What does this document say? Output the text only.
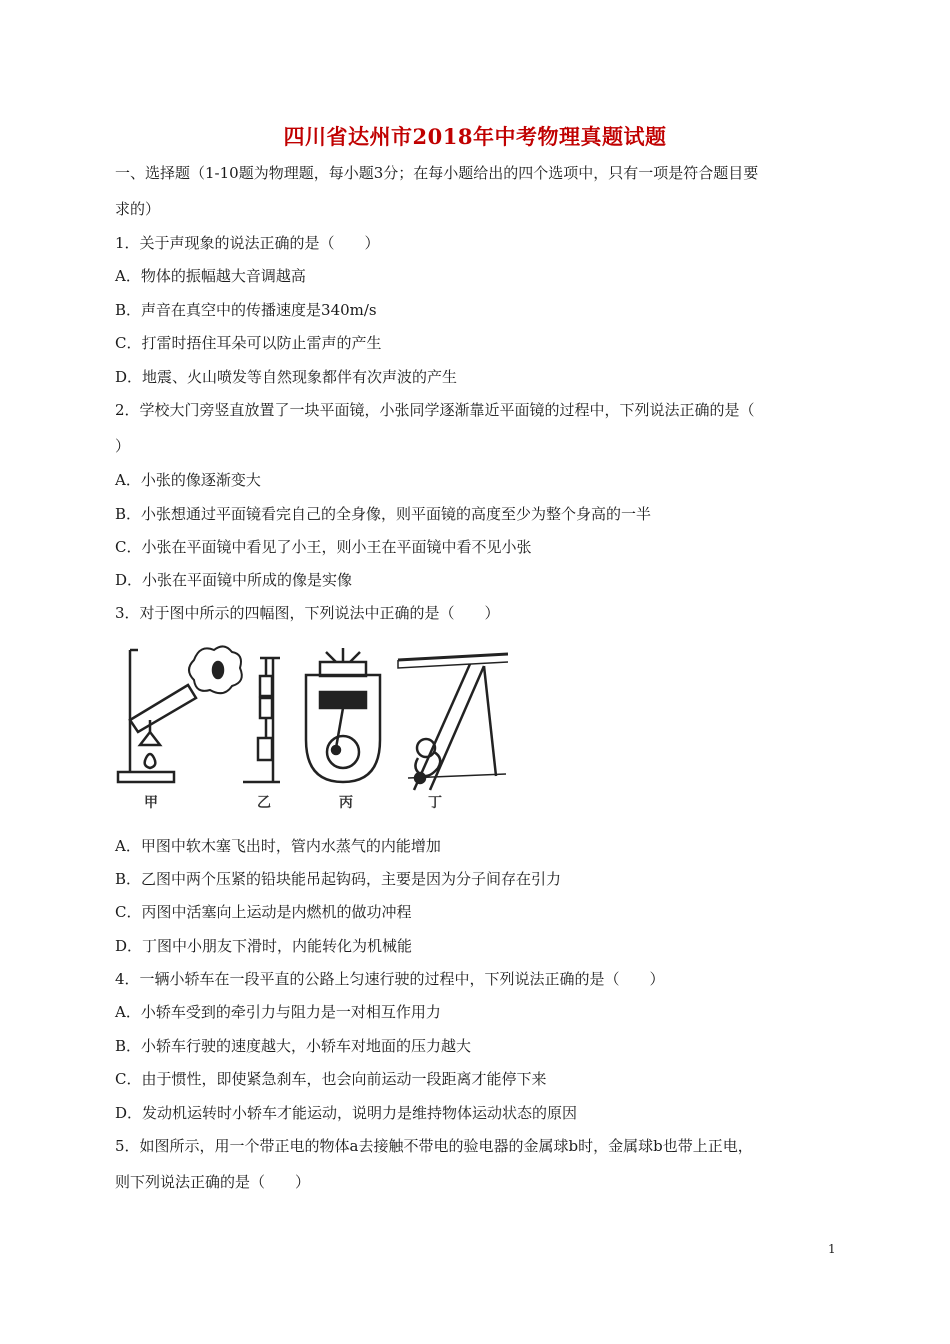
四川省达州市2018年中考物理真题试题
一、选择题（1-10题为物理题，每小题3分；在每小题给出的四个选项中，只有一项是符合题目要
求的）
1．关于声现象的说法正确的是（　　）
A．物体的振幅越大音调越高
B．声音在真空中的传播速度是340m/s
C．打雷时捂住耳朵可以防止雷声的产生
D．地震、火山喷发等自然现象都伴有次声波的产生
2．学校大门旁竖直放置了一块平面镜，小张同学逐渐靠近平面镜的过程中，下列说法正确的是（
）
A．小张的像逐渐变大
B．小张想通过平面镜看完自己的全身像，则平面镜的高度至少为整个身高的一半
C．小张在平面镜中看见了小王，则小王在平面镜中看不见小张
D．小张在平面镜中所成的像是实像
3．对于图中所示的四幅图，下列说法中正确的是（　　）
甲	乙	丙	丁
A．甲图中软木塞飞出时，管内水蒸气的内能增加
B．乙图中两个压紧的铅块能吊起钩码，主要是因为分子间存在引力
C．丙图中活塞向上运动是内燃机的做功冲程
D．丁图中小朋友下滑时，内能转化为机械能
4．一辆小轿车在一段平直的公路上匀速行驶的过程中，下列说法正确的是（　　）
A．小轿车受到的牵引力与阻力是一对相互作用力
B．小轿车行驶的速度越大，小轿车对地面的压力越大
C．由于惯性，即使紧急刹车，也会向前运动一段距离才能停下来
D．发动机运转时小轿车才能运动，说明力是维持物体运动状态的原因
5．如图所示，用一个带正电的物体a去接触不带电的验电器的金属球b时，金属球b也带上正电，
则下列说法正确的是（　　）
1
